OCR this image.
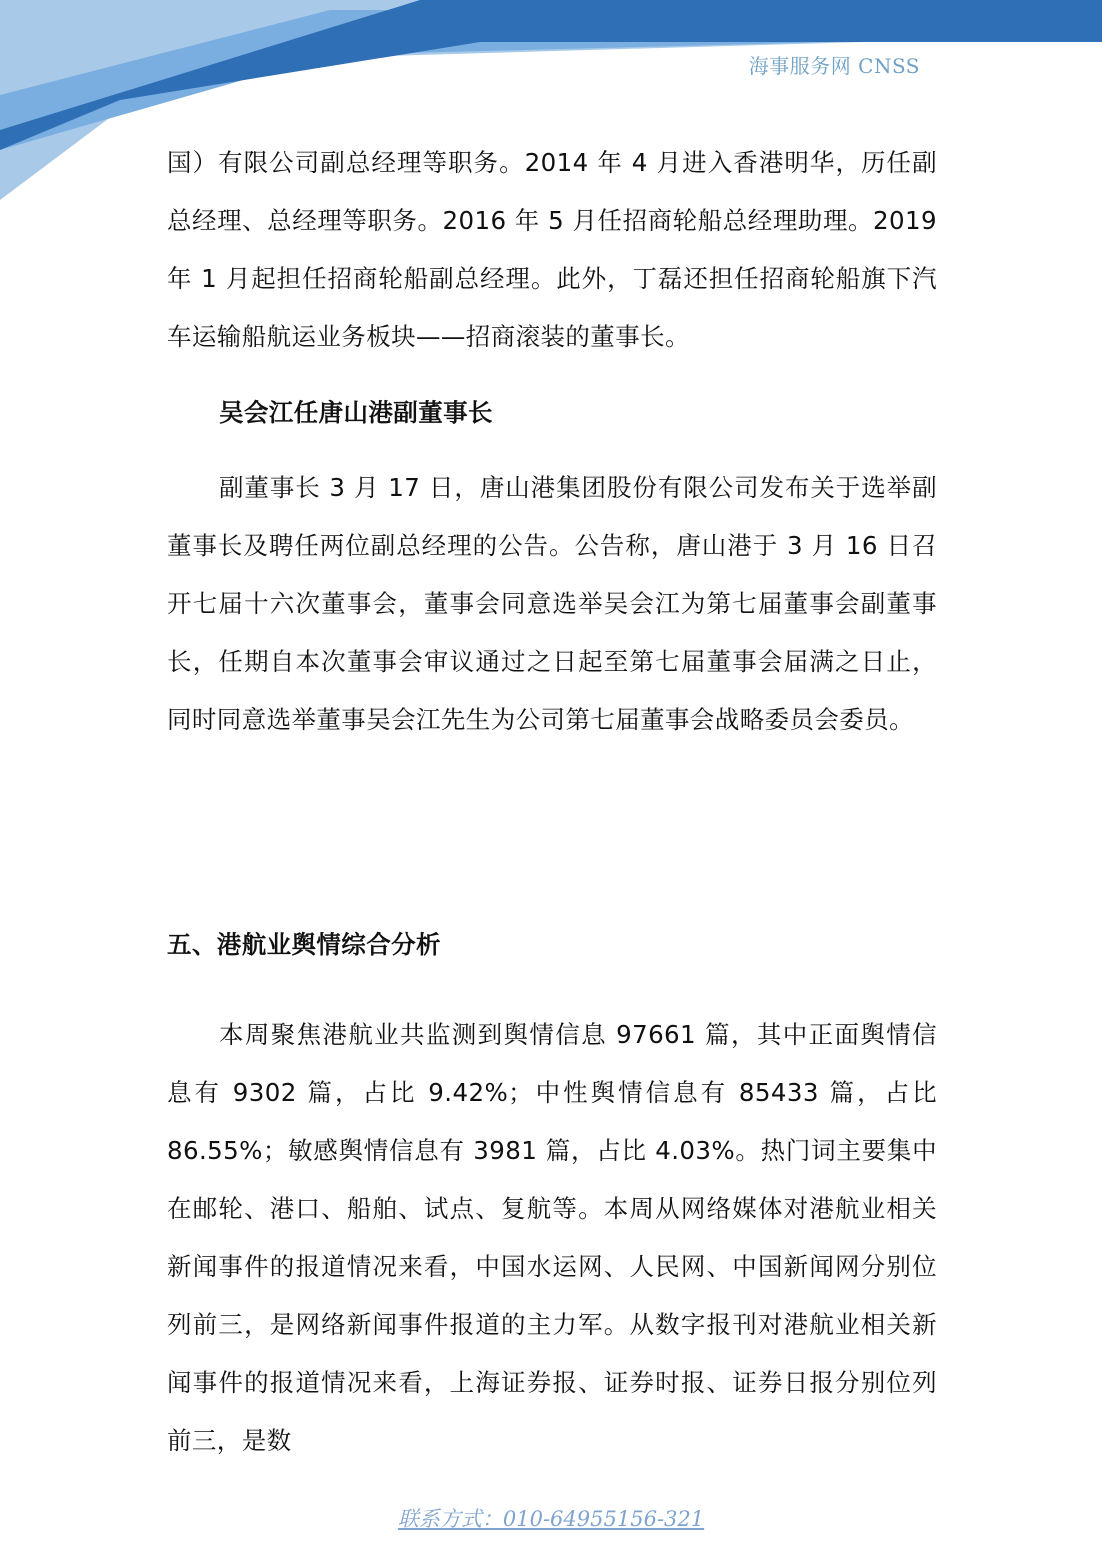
海事服务网 CNSS

国）有限公司副总经理等职务。2014 年 4 月进入香港明华，历任副总经理、总经理等职务。2016 年 5 月任招商轮船总经理助理。2019 年 1 月起担任招商轮船副总经理。此外，丁磊还担任招商轮船旗下汽车运输船航运业务板块——招商滚装的董事长。

吴会江任唐山港副董事长

副董事长 3 月 17 日，唐山港集团股份有限公司发布关于选举副董事长及聘任两位副总经理的公告。公告称，唐山港于 3 月 16 日召开七届十六次董事会，董事会同意选举吴会江为第七届董事会副董事长，任期自本次董事会审议通过之日起至第七届董事会届满之日止，同时同意选举董事吴会江先生为公司第七届董事会战略委员会委员。

五、港航业舆情综合分析

本周聚焦港航业共监测到舆情信息 97661 篇，其中正面舆情信息有 9302 篇，占比 9.42%；中性舆情信息有 85433 篇，占比 86.55%；敏感舆情信息有 3981 篇，占比 4.03%。热门词主要集中在邮轮、港口、船舶、试点、复航等。本周从网络媒体对港航业相关新闻事件的报道情况来看，中国水运网、人民网、中国新闻网分别位列前三，是网络新闻事件报道的主力军。从数字报刊对港航业相关新闻事件的报道情况来看，上海证券报、证券时报、证券日报分别位列前三，是数

联系方式：010-64955156-321
